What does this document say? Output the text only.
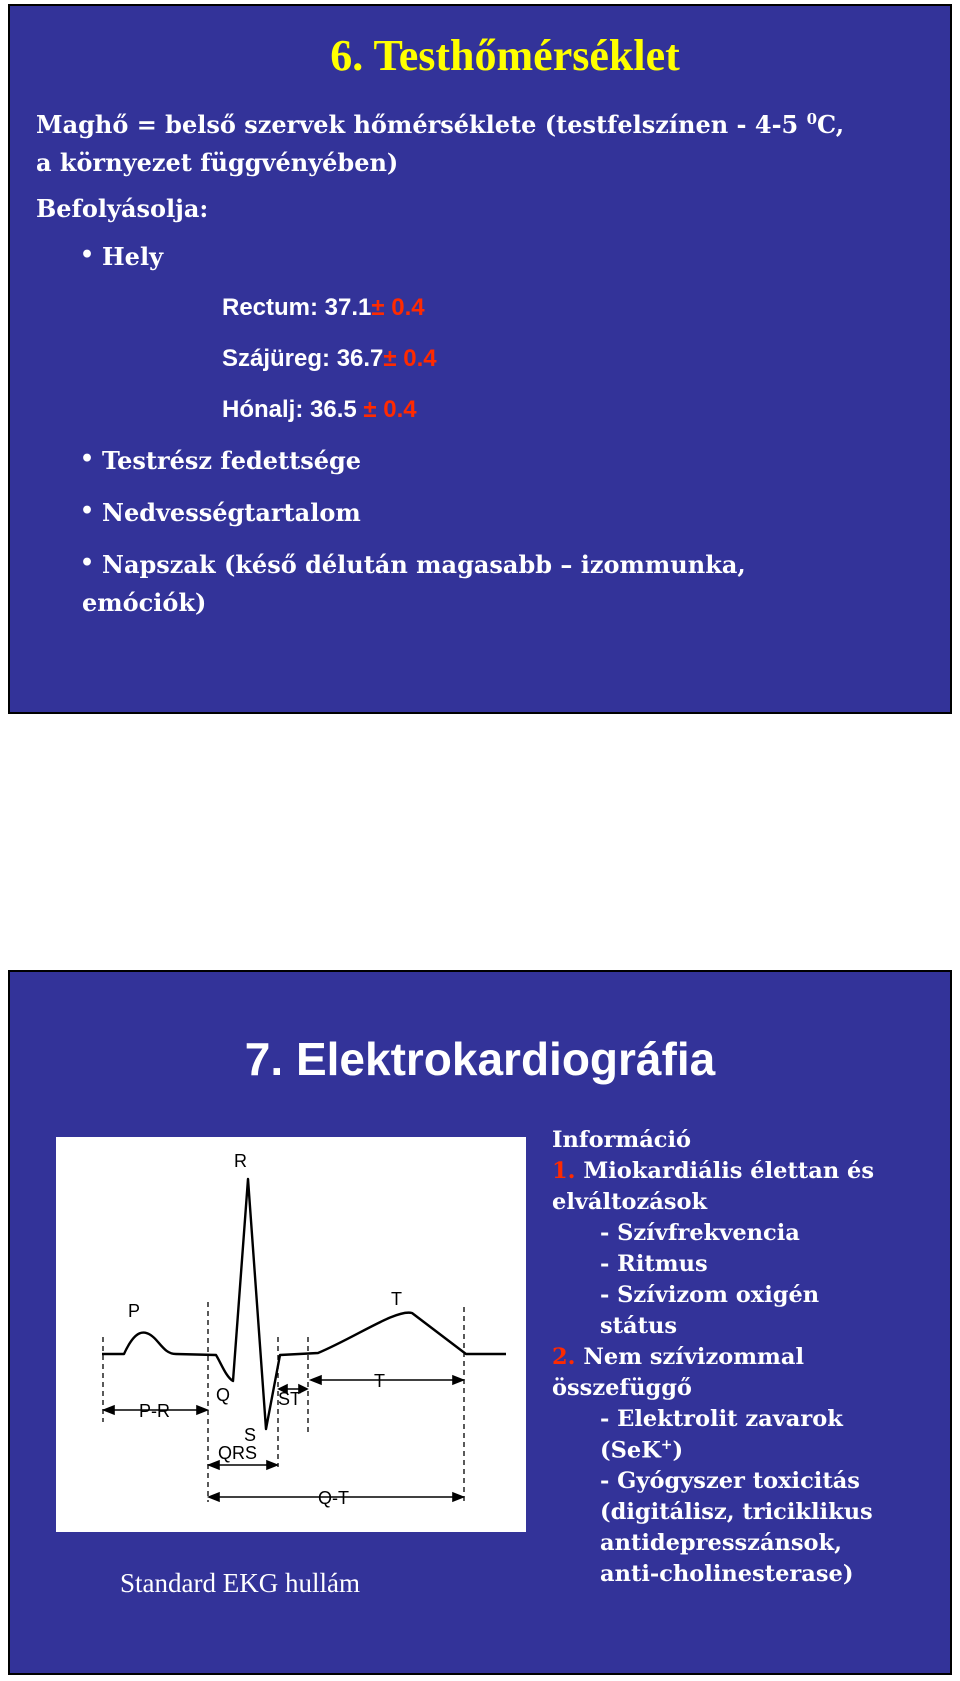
6. Testhőmérséklet
Maghő = belső szervek hőmérséklete (testfelszínen - 4-5 $^0$C,
a környezet függvényében)
Befolyásolja:
• Hely
Rectum: 37.1± 0.4
Szájüreg: 36.7± 0.4
Hónalj: 36.5 ± 0.4
• Testrész fedettsége
• Nedvességtartalom
• Napszak (késő délután magasabb – izommunka,
emóciók)
7. Elektrokardiográfia
R
P
T
Q
S
ST
P-R
T
QRS
Q-T
Standard EKG hullám
Információ
1. Miokardiális élettan és
elváltozások
- Szívfrekvencia
- Ritmus
- Szívizom oxigén
státus
2. Nem szívizommal
összefüggő
- Elektrolit zavarok
(SeK+)
- Gyógyszer toxicitás
(digitálisz, triciklikus
antidepresszánsok,
anti-cholinesterase)
